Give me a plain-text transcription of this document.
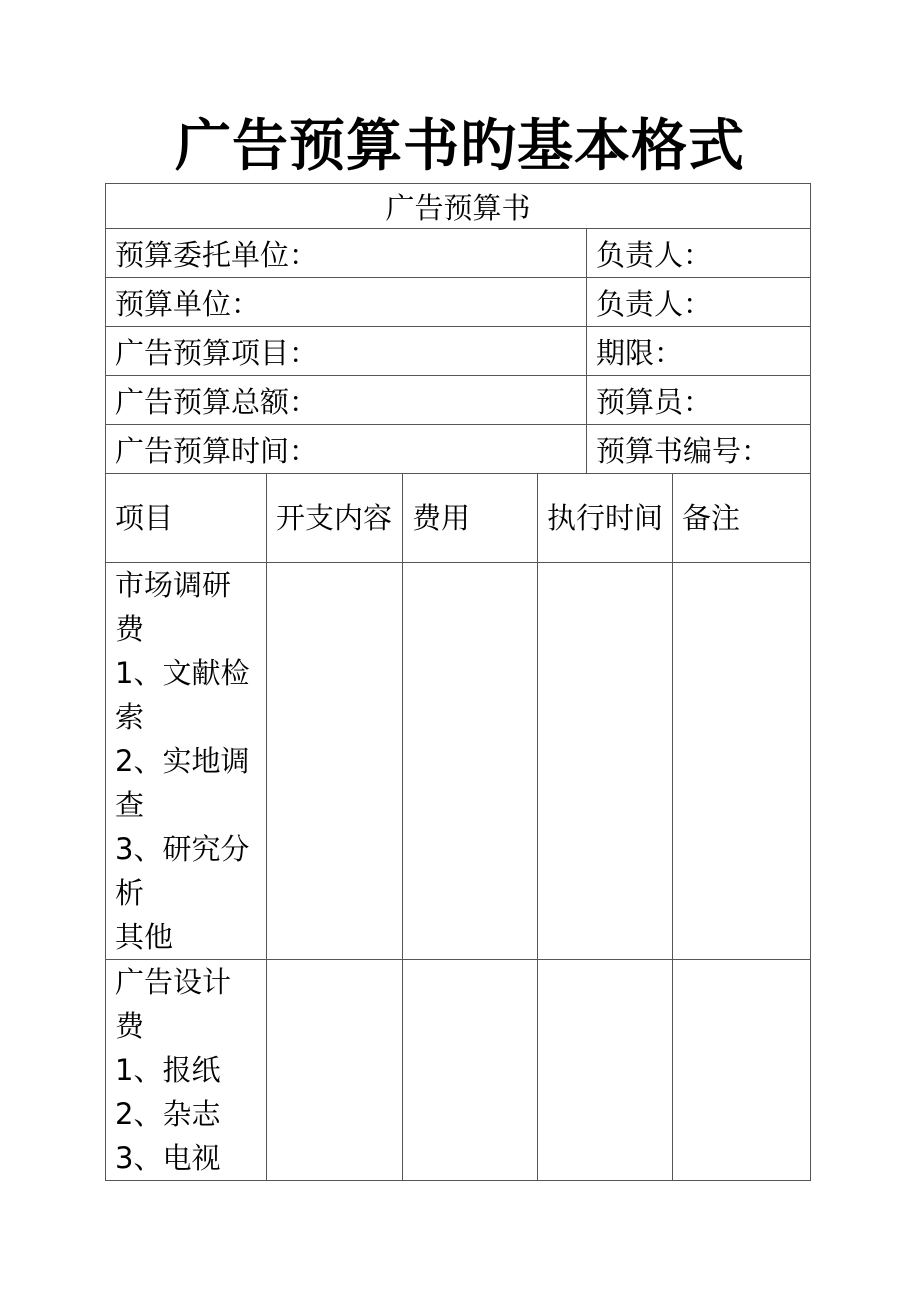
广告预算书旳基本格式
广告预算书					
预算委托单位：				负责人：	
预算单位：				负责人：	
广告预算项目：				期限：	
广告预算总额：				预算员：	
广告预算时间：				预算书编号：	
项目	开支内容	费用	执行时间		备注

市场调研费
1、文献检索
2、实地调查
3、研究分析
其他					

广告设计费
1、报纸
2、杂志
3、电视					
